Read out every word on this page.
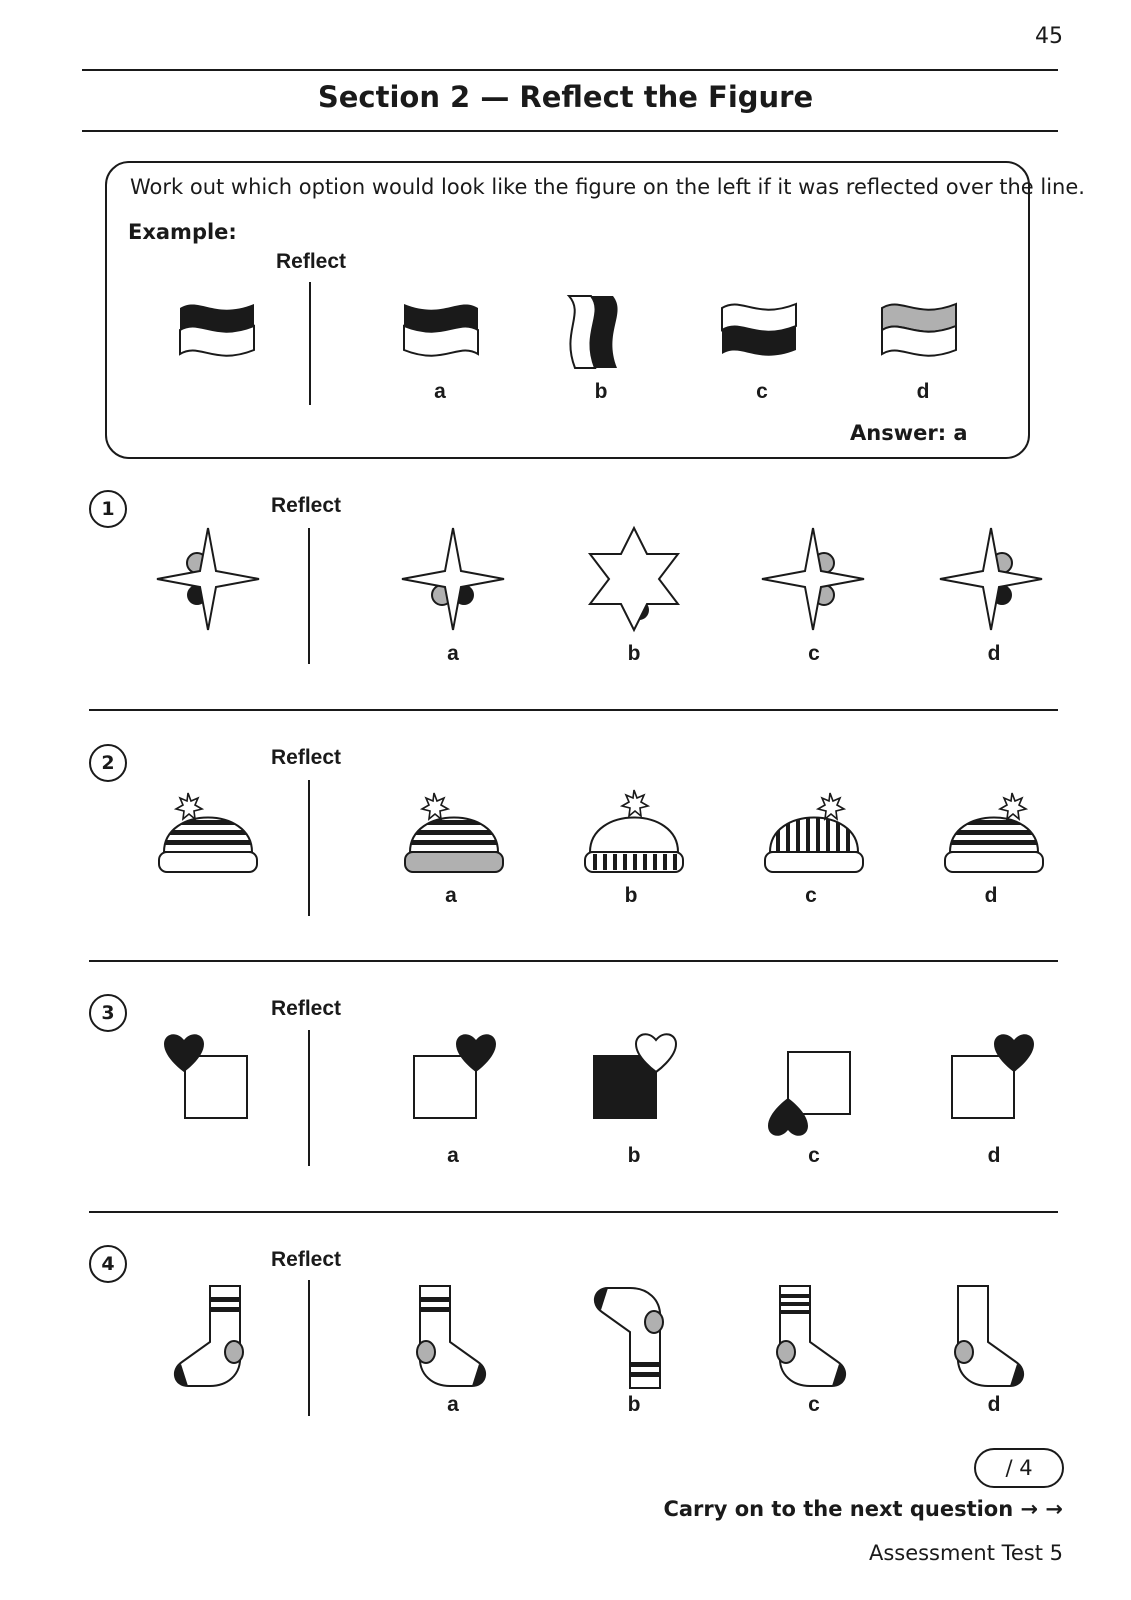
45
Section 2 — Reflect the Figure
Work out which option would look like the figure on the left if it was reflected over the line.
Example:
Reflect
a	b	c	d
Answer: a
1	Reflect
a	b	c	d
2	Reflect
a	b	c	d
3	Reflect
a	b	c	d
4	Reflect
a	b	c	d
/ 4
Carry on to the next question → →
Assessment Test 5
